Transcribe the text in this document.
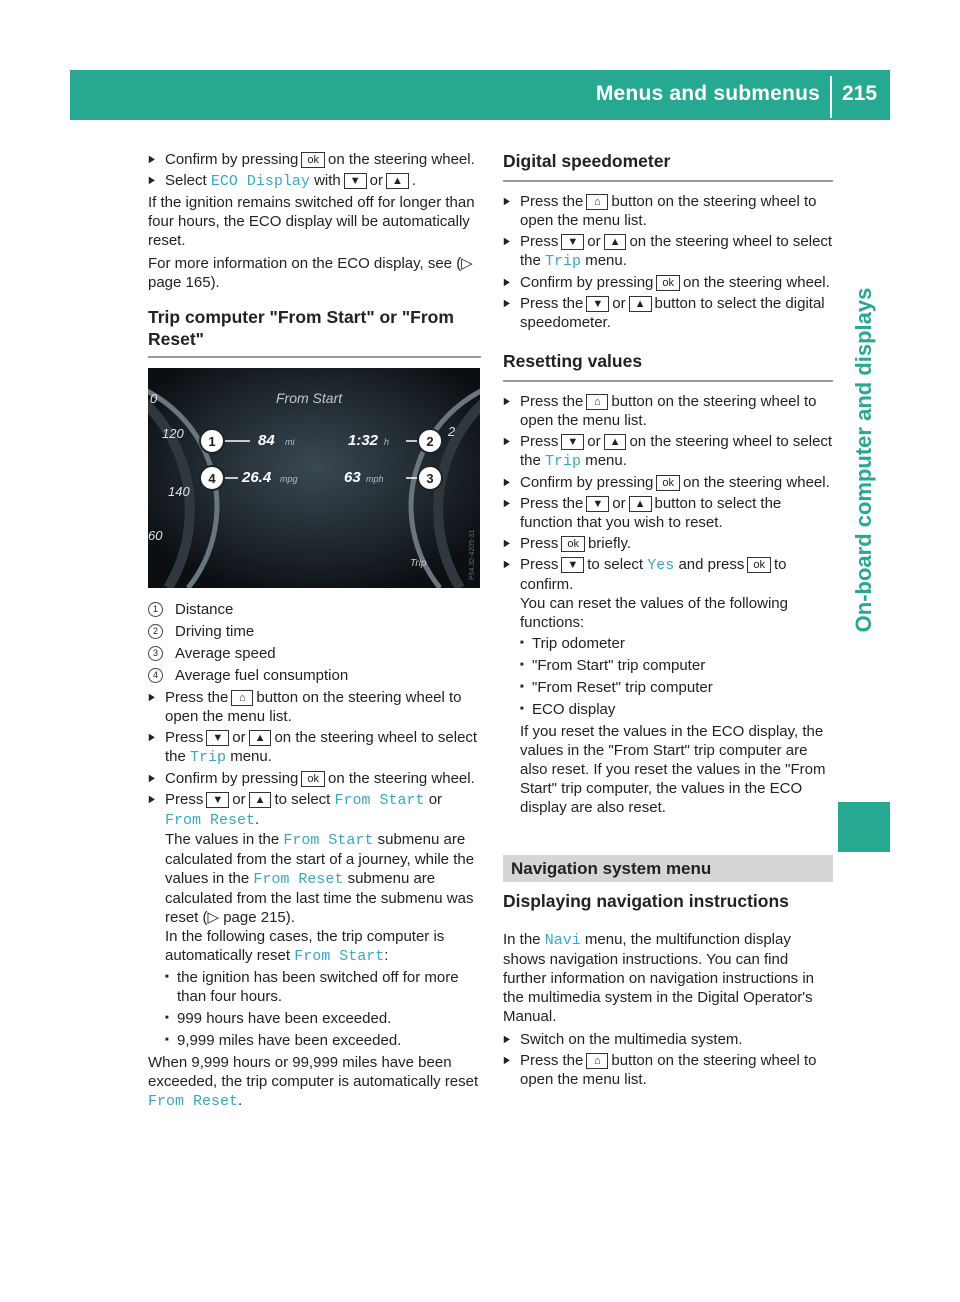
Menus and submenus 215
On-board computer and displays
▶ Confirm by pressing ok on the steering wheel.
▶ Select ECO Display with ▼ or ▲ .
If the ignition remains switched off for longer than four hours, the ECO display will be automatically reset.
For more information on the ECO display, see (▷ page 165).
Trip computer "From Start" or "From Reset"
0
120
140
60
2
From Start
84 mi	1:32 h
26.4 mpg	63 mph
1	2
3
4
Trip	P54.32-4205-31
1	Distance
2	Driving time
3	Average speed
4	Average fuel consumption
▶ Press the ⌂ button on the steering wheel to open the menu list.
▶ Press ▼ or ▲ on the steering wheel to select the Trip menu.
▶ Confirm by pressing ok on the steering wheel.
▶ Press ▼ or ▲ to select From Start or From Reset.
The values in the From Start submenu are calculated from the start of a journey, while the values in the From Reset submenu are calculated from the last time the submenu was reset (▷ page 215).
In the following cases, the trip computer is automatically reset From Start:
■ the ignition has been switched off for more than four hours.
■ 999 hours have been exceeded.
■ 9,999 miles have been exceeded.
When 9,999 hours or 99,999 miles have been exceeded, the trip computer is automatically reset From Reset.
Digital speedometer
▶ Press the ⌂ button on the steering wheel to open the menu list.
▶ Press ▼ or ▲ on the steering wheel to select the Trip menu.
▶ Confirm by pressing ok on the steering wheel.
▶ Press the ▼ or ▲ button to select the digital speedometer.
Resetting values
▶ Press the ⌂ button on the steering wheel to open the menu list.
▶ Press ▼ or ▲ on the steering wheel to select the Trip menu.
▶ Confirm by pressing ok on the steering wheel.
▶ Press the ▼ or ▲ button to select the function that you wish to reset.
▶ Press ok briefly.
▶ Press ▼ to select Yes and press ok to confirm.
You can reset the values of the following functions:
■ Trip odometer
■ "From Start" trip computer
■ "From Reset" trip computer
■ ECO display
If you reset the values in the ECO display, the values in the "From Start" trip computer are also reset. If you reset the values in the "From Start" trip computer, the values in the ECO display are also reset.
Navigation system menu
Displaying navigation instructions
In the Navi menu, the multifunction display shows navigation instructions. You can find further information on navigation instructions in the multimedia system in the Digital Operator's Manual.
▶ Switch on the multimedia system.
▶ Press the ⌂ button on the steering wheel to open the menu list.
